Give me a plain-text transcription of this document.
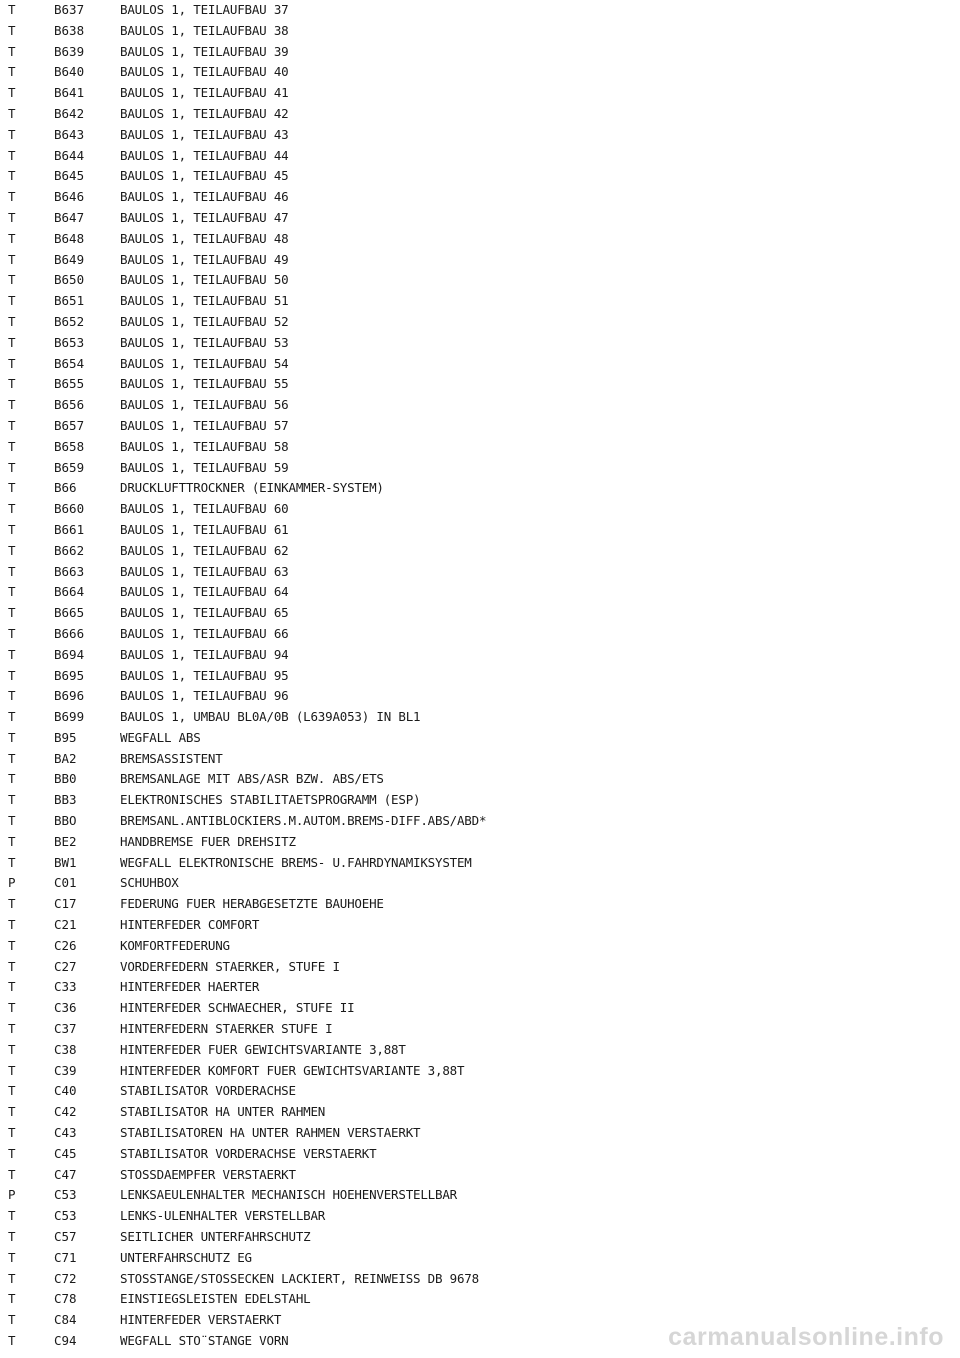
T	B637	BAULOS 1, TEILAUFBAU 37
T	B638	BAULOS 1, TEILAUFBAU 38
T	B639	BAULOS 1, TEILAUFBAU 39
T	B640	BAULOS 1, TEILAUFBAU 40
T	B641	BAULOS 1, TEILAUFBAU 41
T	B642	BAULOS 1, TEILAUFBAU 42
T	B643	BAULOS 1, TEILAUFBAU 43
T	B644	BAULOS 1, TEILAUFBAU 44
T	B645	BAULOS 1, TEILAUFBAU 45
T	B646	BAULOS 1, TEILAUFBAU 46
T	B647	BAULOS 1, TEILAUFBAU 47
T	B648	BAULOS 1, TEILAUFBAU 48
T	B649	BAULOS 1, TEILAUFBAU 49
T	B650	BAULOS 1, TEILAUFBAU 50
T	B651	BAULOS 1, TEILAUFBAU 51
T	B652	BAULOS 1, TEILAUFBAU 52
T	B653	BAULOS 1, TEILAUFBAU 53
T	B654	BAULOS 1, TEILAUFBAU 54
T	B655	BAULOS 1, TEILAUFBAU 55
T	B656	BAULOS 1, TEILAUFBAU 56
T	B657	BAULOS 1, TEILAUFBAU 57
T	B658	BAULOS 1, TEILAUFBAU 58
T	B659	BAULOS 1, TEILAUFBAU 59
T	B66	DRUCKLUFTTROCKNER (EINKAMMER-SYSTEM)
T	B660	BAULOS 1, TEILAUFBAU 60
T	B661	BAULOS 1, TEILAUFBAU 61
T	B662	BAULOS 1, TEILAUFBAU 62
T	B663	BAULOS 1, TEILAUFBAU 63
T	B664	BAULOS 1, TEILAUFBAU 64
T	B665	BAULOS 1, TEILAUFBAU 65
T	B666	BAULOS 1, TEILAUFBAU 66
T	B694	BAULOS 1, TEILAUFBAU 94
T	B695	BAULOS 1, TEILAUFBAU 95
T	B696	BAULOS 1, TEILAUFBAU 96
T	B699	BAULOS 1, UMBAU BL0A/0B (L639A053) IN BL1
T	B95	WEGFALL ABS
T	BA2	BREMSASSISTENT
T	BB0	BREMSANLAGE MIT ABS/ASR BZW. ABS/ETS
T	BB3	ELEKTRONISCHES STABILITAETSPROGRAMM (ESP)
T	BBO	BREMSANL.ANTIBLOCKIERS.M.AUTOM.BREMS-DIFF.ABS/ABD*
T	BE2	HANDBREMSE FUER DREHSITZ
T	BW1	WEGFALL ELEKTRONISCHE BREMS- U.FAHRDYNAMIKSYSTEM
P	C01	SCHUHBOX
T	C17	FEDERUNG FUER HERABGESETZTE BAUHOEHE
T	C21	HINTERFEDER COMFORT
T	C26	KOMFORTFEDERUNG
T	C27	VORDERFEDERN STAERKER, STUFE I
T	C33	HINTERFEDER HAERTER
T	C36	HINTERFEDER SCHWAECHER, STUFE II
T	C37	HINTERFEDERN STAERKER STUFE I
T	C38	HINTERFEDER FUER GEWICHTSVARIANTE 3,88T
T	C39	HINTERFEDER KOMFORT FUER GEWICHTSVARIANTE 3,88T
T	C40	STABILISATOR VORDERACHSE
T	C42	STABILISATOR HA UNTER RAHMEN
T	C43	STABILISATOREN HA UNTER RAHMEN VERSTAERKT
T	C45	STABILISATOR VORDERACHSE VERSTAERKT
T	C47	STOSSDAEMPFER VERSTAERKT
P	C53	LENKSAEULENHALTER MECHANISCH HOEHENVERSTELLBAR
T	C53	LENKS-ULENHALTER VERSTELLBAR
T	C57	SEITLICHER UNTERFAHRSCHUTZ
T	C71	UNTERFAHRSCHUTZ EG
T	C72	STOSSTANGE/STOSSECKEN LACKIERT, REINWEISS DB 9678
T	C78	EINSTIEGSLEISTEN EDELSTAHL
T	C84	HINTERFEDER VERSTAERKT
T	C94	WEGFALL STO¨STANGE VORN	carmanualsonline.info
